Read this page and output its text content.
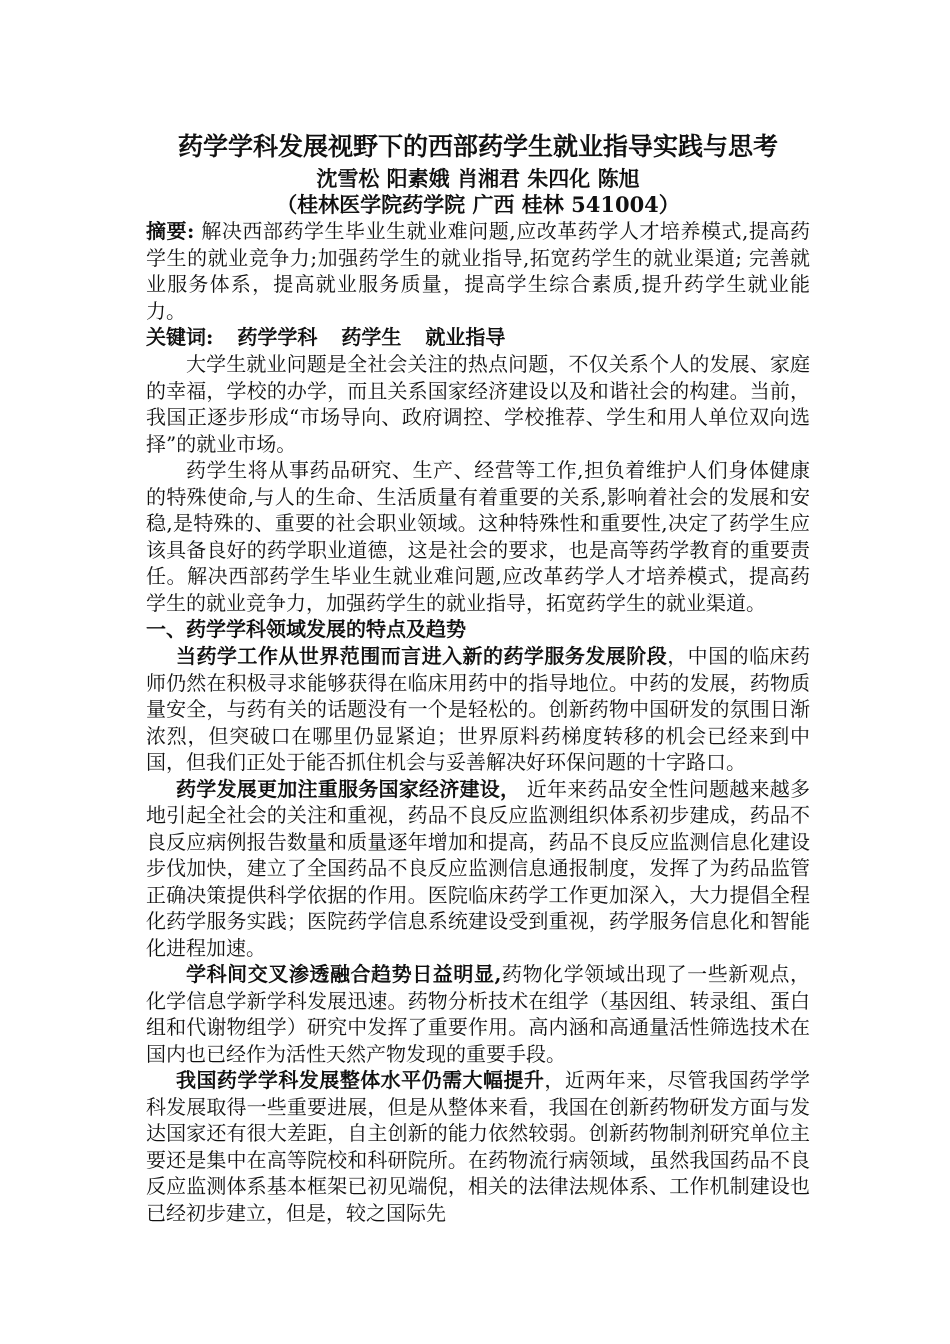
药学学科发展视野下的西部药学生就业指导实践与思考
沈雪松 阳素娥 肖湘君 朱四化 陈旭
（桂林医学院药学院 广西 桂林 541004）

摘要: 解决西部药学生毕业生就业难问题,应改革药学人才培养模式,提高药学生的就业竞争力;加强药学生的就业指导,拓宽药学生的就业渠道; 完善就业服务体系，提高就业服务质量，提高学生综合素质,提升药学生就业能力。

关键词: 药学学科 药学生 就业指导

大学生就业问题是全社会关注的热点问题，不仅关系个人的发展、家庭的幸福，学校的办学，而且关系国家经济建设以及和谐社会的构建。当前，我国正逐步形成“市场导向、政府调控、学校推荐、学生和用人单位双向选择”的就业市场。

药学生将从事药品研究、生产、经营等工作,担负着维护人们身体健康的特殊使命,与人的生命、生活质量有着重要的关系,影响着社会的发展和安稳,是特殊的、重要的社会职业领域。这种特殊性和重要性,决定了药学生应该具备良好的药学职业道德，这是社会的要求，也是高等药学教育的重要责任。解决西部药学生毕业生就业难问题,应改革药学人才培养模式，提高药学生的就业竞争力，加强药学生的就业指导，拓宽药学生的就业渠道。

一、药学学科领域发展的特点及趋势

当药学工作从世界范围而言进入新的药学服务发展阶段，中国的临床药师仍然在积极寻求能够获得在临床用药中的指导地位。中药的发展，药物质量安全，与药有关的话题没有一个是轻松的。创新药物中国研发的氛围日渐浓烈，但突破口在哪里仍显紧迫；世界原料药梯度转移的机会已经来到中国，但我们正处于能否抓住机会与妥善解决好环保问题的十字路口。

药学发展更加注重服务国家经济建设， 近年来药品安全性问题越来越多地引起全社会的关注和重视，药品不良反应监测组织体系初步建成，药品不良反应病例报告数量和质量逐年增加和提高，药品不良反应监测信息化建设步伐加快，建立了全国药品不良反应监测信息通报制度，发挥了为药品监管正确决策提供科学依据的作用。医院临床药学工作更加深入，大力提倡全程化药学服务实践；医院药学信息系统建设受到重视，药学服务信息化和智能化进程加速。

学科间交叉渗透融合趋势日益明显,药物化学领域出现了一些新观点，化学信息学新学科发展迅速。药物分析技术在组学（基因组、转录组、蛋白组和代谢物组学）研究中发挥了重要作用。高内涵和高通量活性筛选技术在国内也已经作为活性天然产物发现的重要手段。

我国药学学科发展整体水平仍需大幅提升，近两年来，尽管我国药学学科发展取得一些重要进展，但是从整体来看，我国在创新药物研发方面与发达国家还有很大差距，自主创新的能力依然较弱。创新药物制剂研究单位主要还是集中在高等院校和科研院所。在药物流行病领域，虽然我国药品不良反应监测体系基本框架已初见端倪，相关的法律法规体系、工作机制建设也已经初步建立，但是，较之国际先
